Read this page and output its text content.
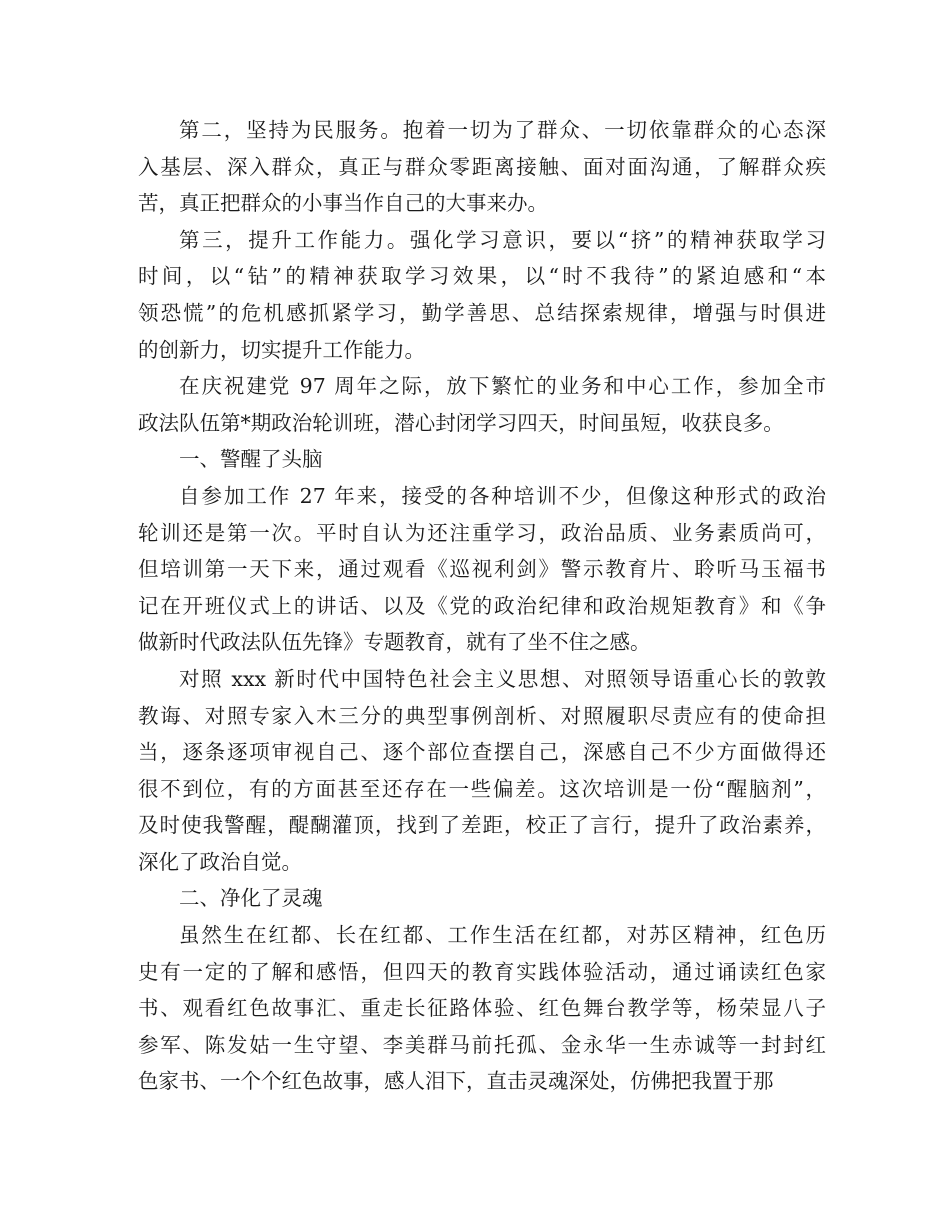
第二，坚持为民服务。抱着一切为了群众、一切依靠群众的心态深
入基层、深入群众，真正与群众零距离接触、面对面沟通，了解群众疾
苦，真正把群众的小事当作自己的大事来办。

第三，提升工作能力。强化学习意识，要以“挤”的精神获取学习
时间，以“钻”的精神获取学习效果，以“时不我待”的紧迫感和“本
领恐慌”的危机感抓紧学习，勤学善思、总结探索规律，增强与时俱进
的创新力，切实提升工作能力。

在庆祝建党 97 周年之际，放下繁忙的业务和中心工作，参加全市
政法队伍第*期政治轮训班，潜心封闭学习四天，时间虽短，收获良多。

一、警醒了头脑

自参加工作 27 年来，接受的各种培训不少，但像这种形式的政治
轮训还是第一次。平时自认为还注重学习，政治品质、业务素质尚可，
但培训第一天下来，通过观看《巡视利剑》警示教育片、聆听马玉福书
记在开班仪式上的讲话、以及《党的政治纪律和政治规矩教育》和《争
做新时代政法队伍先锋》专题教育，就有了坐不住之感。

对照 xxx 新时代中国特色社会主义思想、对照领导语重心长的敦敦
教诲、对照专家入木三分的典型事例剖析、对照履职尽责应有的使命担
当，逐条逐项审视自己、逐个部位查摆自己，深感自己不少方面做得还
很不到位，有的方面甚至还存在一些偏差。这次培训是一份“醒脑剂”，
及时使我警醒，醍醐灌顶，找到了差距，校正了言行，提升了政治素养，
深化了政治自觉。

二、净化了灵魂

虽然生在红都、长在红都、工作生活在红都，对苏区精神，红色历
史有一定的了解和感悟，但四天的教育实践体验活动，通过诵读红色家
书、观看红色故事汇、重走长征路体验、红色舞台教学等，杨荣显八子
参军、陈发姑一生守望、李美群马前托孤、金永华一生赤诚等一封封红
色家书、一个个红色故事，感人泪下，直击灵魂深处，仿佛把我置于那
